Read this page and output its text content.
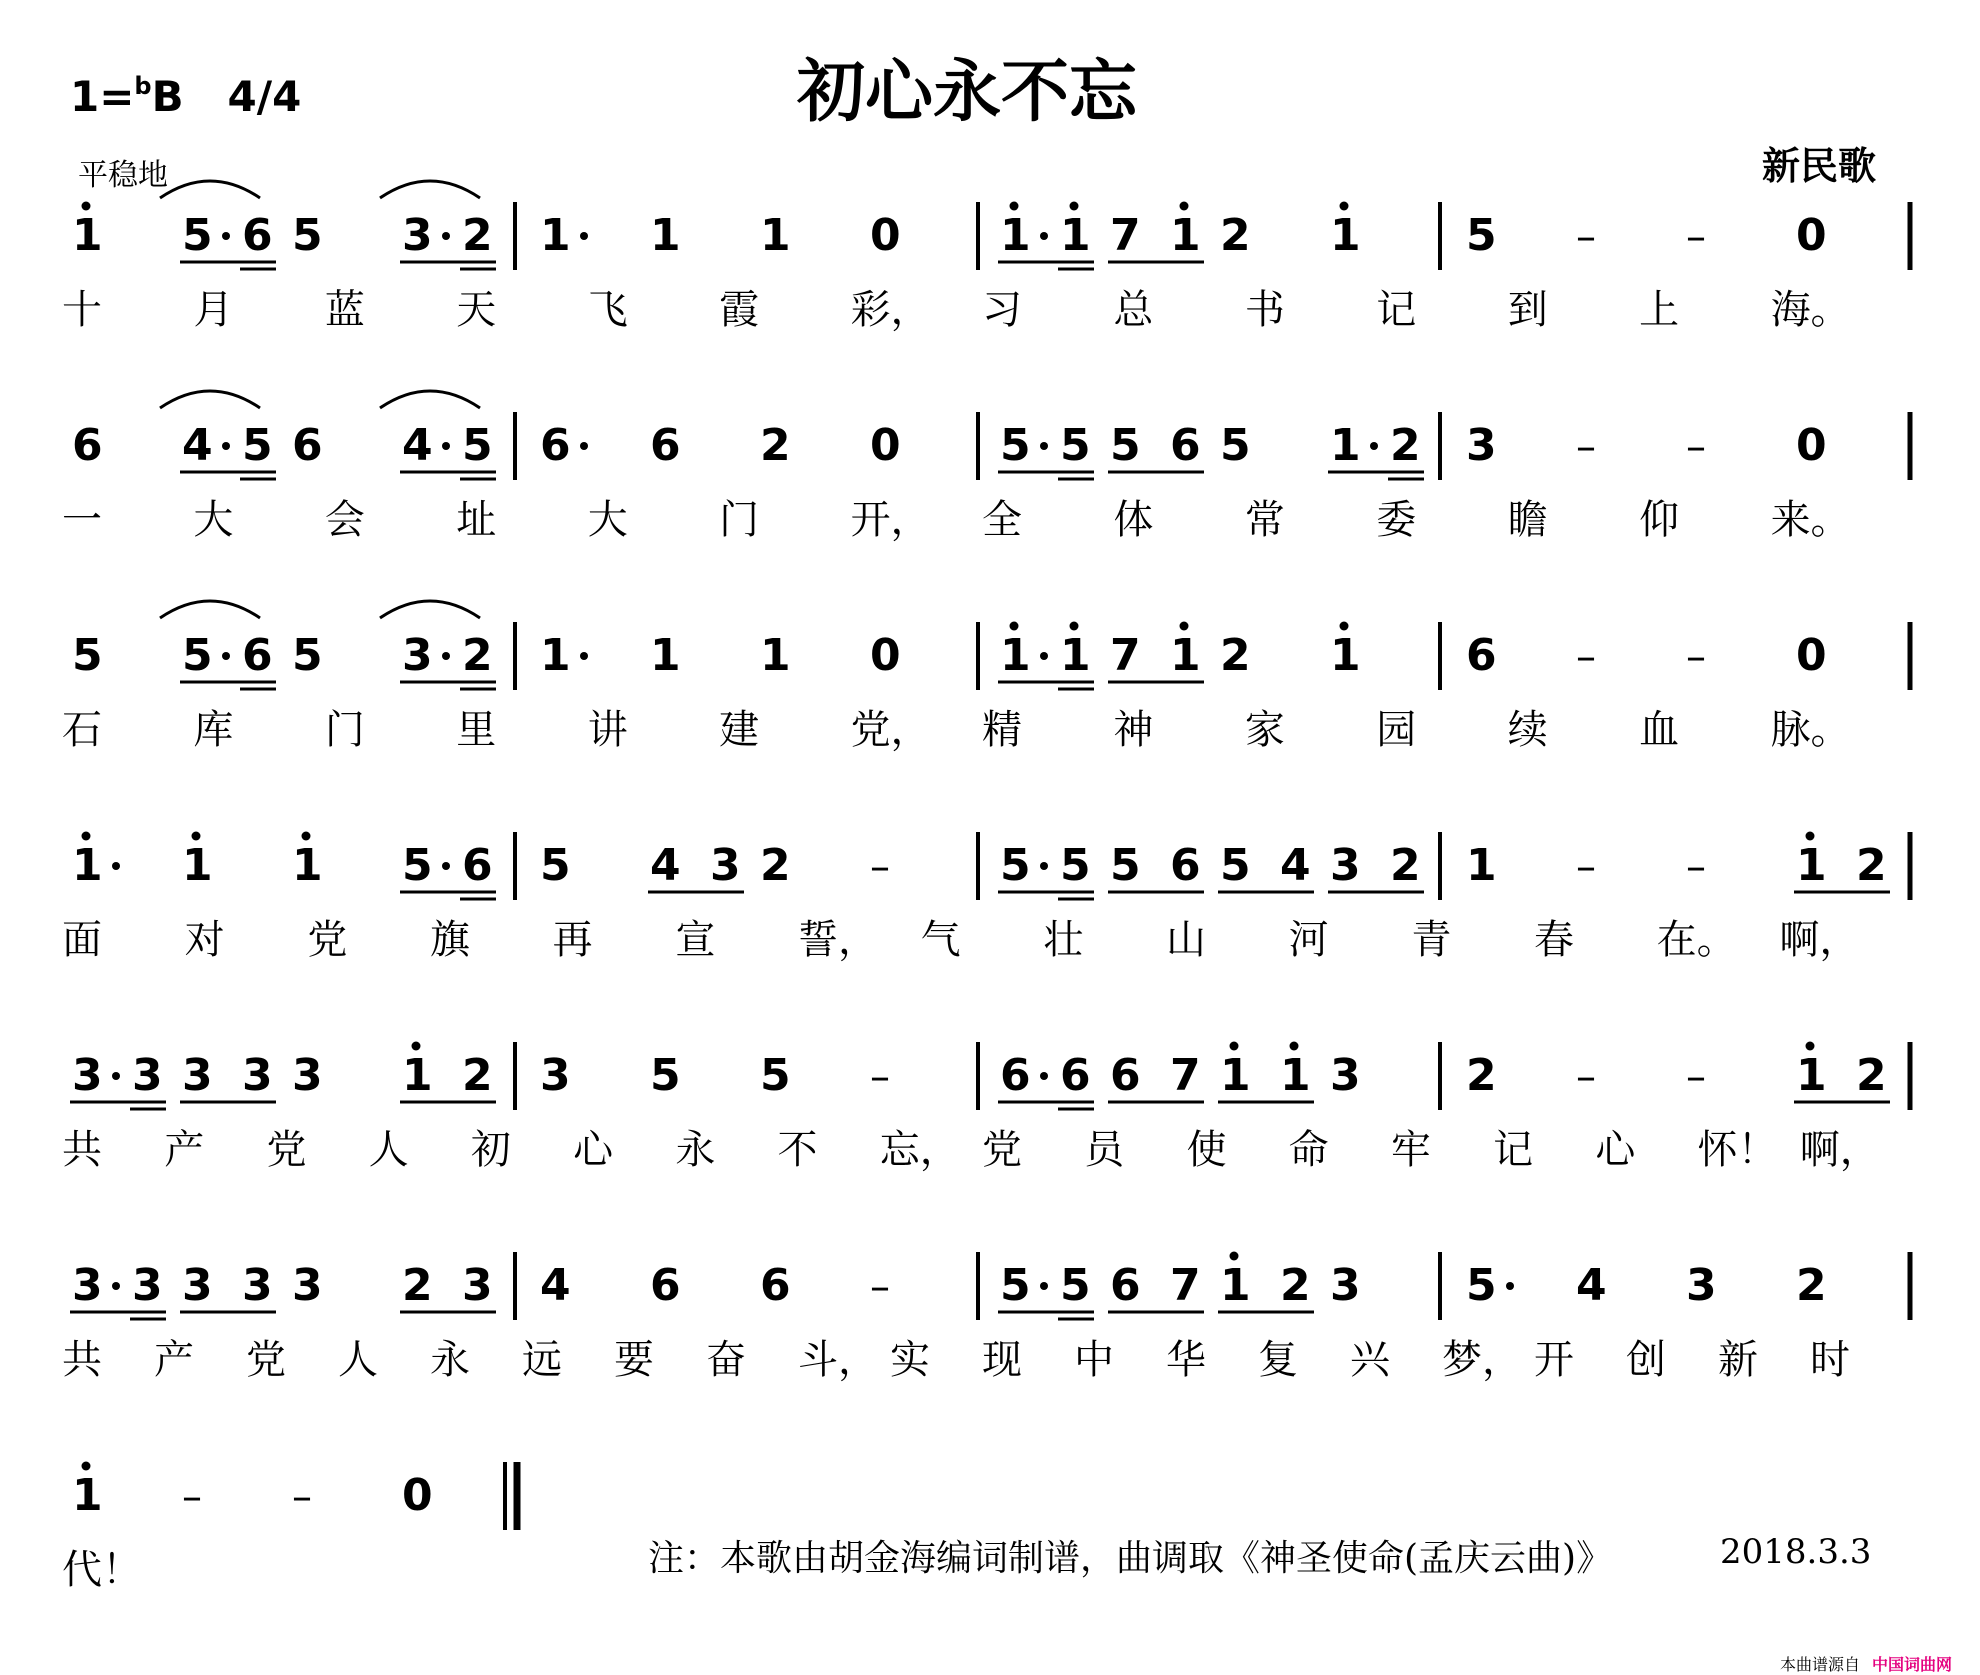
初心永不忘
1=$^b$B 4/4
平稳地	新民歌
1 5 6 5 3 2 1 1 1 0 1 1 7 1 2 1 5 – – 0
十 月 蓝 天 飞 霞 彩， 习 总 书 记 到 上 海。
6 4 5 6 4 5 6 6 2 0 5 5 5 6 5 1 2 3 – – 0
一 大 会 址 大 门 开， 全 体 常 委 瞻 仰 来。
5 5 6 5 3 2 1 1 1 0 1 1 7 1 2 1 6 – – 0
石 库 门 里 讲 建 党， 精 神 家 园 续 血 脉。
1 1 1 5 6 5 4 3 2 –	5 5 5 6 5 4 3 2 1 – – 1 2
面 对 党 旗 再 宣 誓， 气 壮 山 河 青 春 在。 啊，
3 3 3 3 3 1 2 3 5 5 –	6 6 6 7 1 1 3 2 – – 1 2
共 产 党 人 初 心 永 不 忘， 党 员 使 命 牢 记 心 怀！ 啊，
3 3 3 3 3 2 3 4 6 6 –	5 5 6 7 1 2 3 5 4 3 2
共 产 党 人 永 远 要 奋 斗， 实 现 中 华 复 兴 梦， 开 创 新 时
1 – – 0
代！	注：本歌由胡金海编词制谱，曲调取《神圣使命(孟庆云曲)》	2018.3.3
本曲谱源自 中国词曲网
